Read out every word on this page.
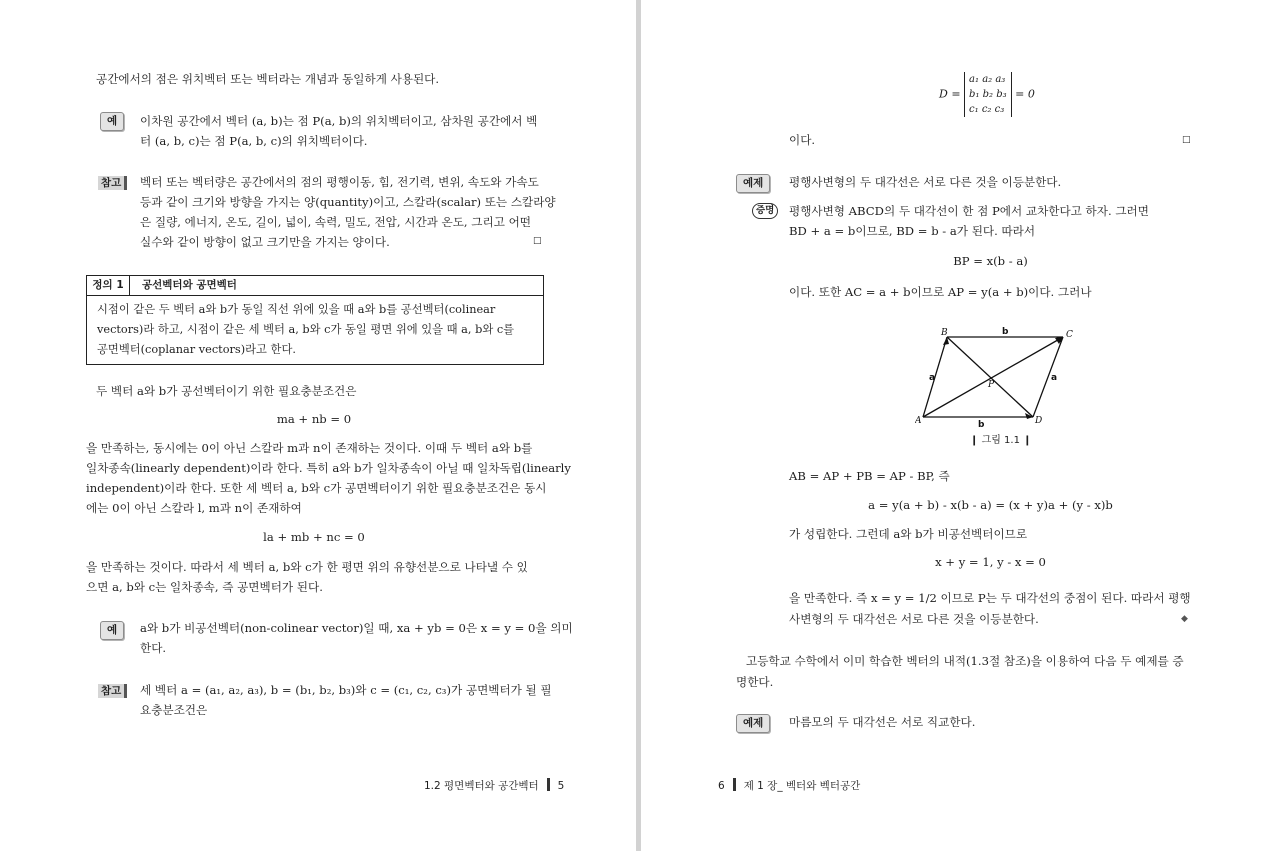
공간에서의 점은 위치벡터 또는 벡터라는 개념과 동일하게 사용된다.
예	이차원 공간에서 벡터 (a, b)는 점 P(a, b)의 위치벡터이고, 삼차원 공간에서 벡
터 (a, b, c)는 점 P(a, b, c)의 위치벡터이다.
참고	벡터 또는 벡터량은 공간에서의 점의 평행이동, 힘, 전기력, 변위, 속도와 가속도
등과 같이 크기와 방향을 가지는 양(quantity)이고, 스칼라(scalar) 또는 스칼라양
은 질량, 에너지, 온도, 길이, 넓이, 속력, 밀도, 전압, 시간과 온도, 그리고 어떤
실수와 같이 방향이 없고 크기만을 가지는 양이다.	□
정의 1 공선벡터와 공면벡터
시점이 같은 두 벡터 a와 b가 동일 직선 위에 있을 때 a와 b를 공선벡터(colinear
vectors)라 하고, 시점이 같은 세 벡터 a, b와 c가 동일 평면 위에 있을 때 a, b와 c를
공면벡터(coplanar vectors)라고 한다.
두 벡터 a와 b가 공선벡터이기 위한 필요충분조건은
ma + nb = 0
을 만족하는, 동시에는 0이 아닌 스칼라 m과 n이 존재하는 것이다. 이때 두 벡터 a와 b를
일차종속(linearly dependent)이라 한다. 특히 a와 b가 일차종속이 아닐 때 일차독립(linearly
independent)이라 한다. 또한 세 벡터 a, b와 c가 공면벡터이기 위한 필요충분조건은 동시
에는 0이 아닌 스칼라 l, m과 n이 존재하여
la + mb + nc = 0
을 만족하는 것이다. 따라서 세 벡터 a, b와 c가 한 평면 위의 유향선분으로 나타낼 수 있
으면 a, b와 c는 일차종속, 즉 공면벡터가 된다.
예	a와 b가 비공선벡터(non-colinear vector)일 때, xa + yb = 0은 x = y = 0을 의미
한다.
참고	세 벡터 a = (a₁, a₂, a₃), b = (b₁, b₂, b₃)와 c = (c₁, c₂, c₃)가 공면벡터가 될 필
요충분조건은
1.2 평면벡터와 공간벡터 5
D =
a₁ a₂ a₃
b₁ b₂ b₃
c₁ c₂ c₃
= 0
이다.	□
예제	평행사변형의 두 대각선은 서로 다른 것을 이등분한다.
증명	평행사변형 ABCD의 두 대각선이 한 점 P에서 교차한다고 하자. 그러면
BD + a = b이므로, BD = b - a가 된다. 따라서
BP = x(b - a)
이다. 또한 AC = a + b이므로 AP = y(a + b)이다. 그러나
A
B	C
D
P
b
b
a	a
❙ 그림 1.1 ❙
AB = AP + PB = AP - BP, 즉
a = y(a + b) - x(b - a) = (x + y)a + (y - x)b
가 성립한다. 그런데 a와 b가 비공선벡터이므로
x + y = 1, y - x = 0
을 만족한다. 즉 x = y = 1/2 이므로 P는 두 대각선의 중점이 된다. 따라서 평행
사변형의 두 대각선은 서로 다른 것을 이등분한다.	◆
고등학교 수학에서 이미 학습한 벡터의 내적(1.3절 참조)을 이용하여 다음 두 예제를 증
명한다.
예제	마름모의 두 대각선은 서로 직교한다.
6 제 1 장_ 벡터와 벡터공간
